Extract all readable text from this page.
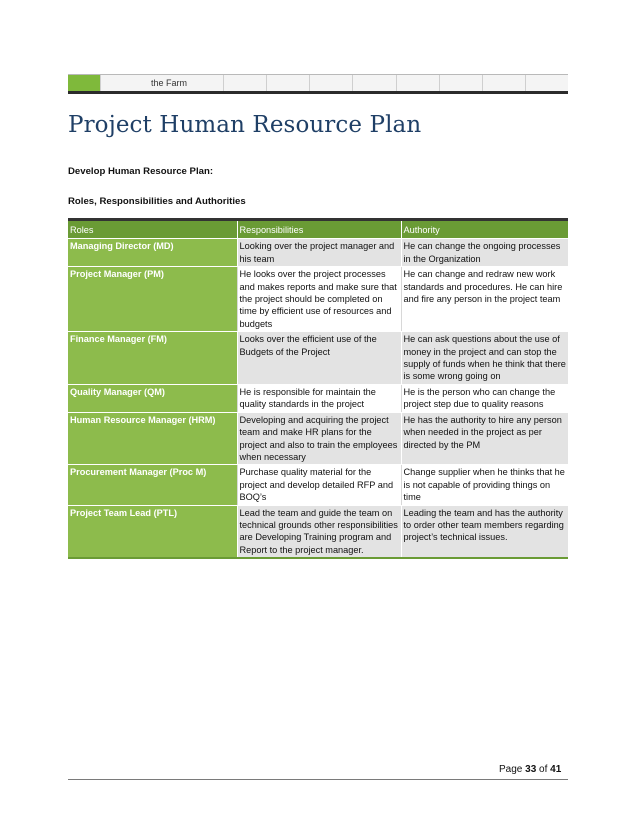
the Farm
Project Human Resource Plan
Develop Human Resource Plan:
Roles, Responsibilities and Authorities
Roles	Responsibilities	Authority
Managing Director (MD)	Looking over the project manager and his team	He can change the ongoing processes in the Organization
Project Manager (PM)	He looks over the project processes and makes reports and make sure that the project should be completed on time by efficient use of resources and budgets	He can change and redraw new work standards and procedures. He can hire and fire any person in the project team
Finance Manager (FM)	Looks over the efficient use of the Budgets of the Project	He can ask questions about the use of money in the project and can stop the supply of funds when he think that there is some wrong going on
Quality Manager (QM)	He is responsible for maintain the quality standards in the project	He is the person who can change the project step due to quality reasons
Human Resource Manager (HRM)	Developing and acquiring the project team and make HR plans for the project and also to train the employees when necessary	He has the authority to hire any person when needed in the project as per directed by the PM
Procurement Manager (Proc M)	Purchase quality material for the project and develop detailed RFP and BOQ’s	Change supplier when he thinks that he is not capable of providing things on time
Project Team Lead (PTL)	Lead the team and guide the team on technical grounds other responsibilities are Developing Training program and Report to the project manager.	Leading the team and has the authority to order other team members regarding project’s technical issues.
Page 33 of 41
